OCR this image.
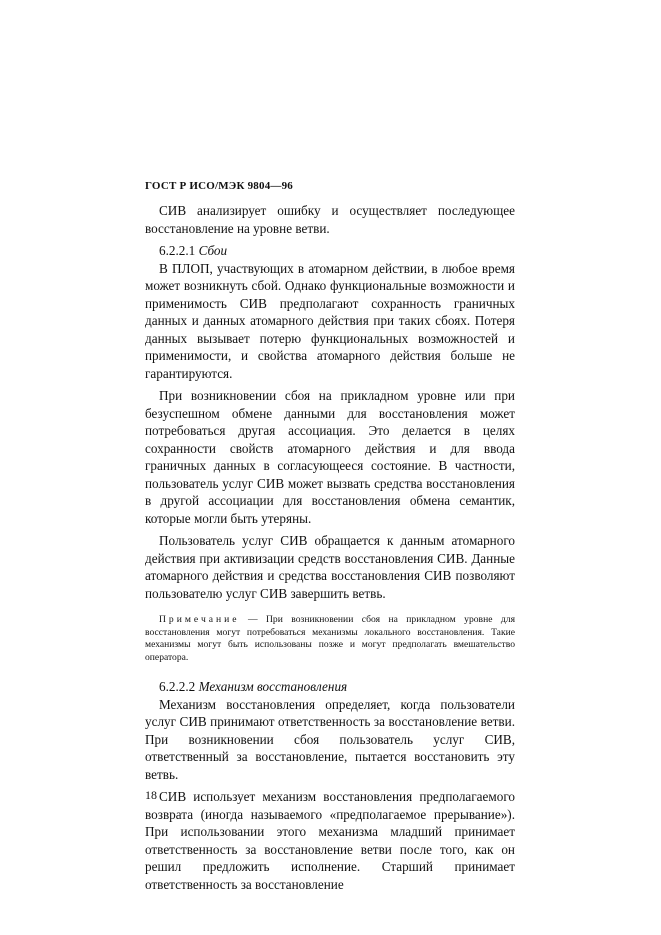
ГОСТ Р ИСО/МЭК 9804—96

СИВ анализирует ошибку и осуществляет последующее восстановление на уровне ветви.

6.2.2.1 Сбои

В ПЛОП, участвующих в атомарном действии, в любое время может возникнуть сбой. Однако функциональные возможности и применимость СИВ предполагают сохранность граничных данных и данных атомарного действия при таких сбоях. Потеря данных вызывает потерю функциональных возможностей и применимости, и свойства атомарного действия больше не гарантируются.

При возникновении сбоя на прикладном уровне или при безуспешном обмене данными для восстановления может потребоваться другая ассоциация. Это делается в целях сохранности свойств атомарного действия и для ввода граничных данных в согласующееся состояние. В частности, пользователь услуг СИВ может вызвать средства восстановления в другой ассоциации для восстановления обмена семантик, которые могли быть утеряны.

Пользователь услуг СИВ обращается к данным атомарного действия при активизации средств восстановления СИВ. Данные атомарного действия и средства восстановления СИВ позволяют пользователю услуг СИВ завершить ветвь.

Примечание — При возникновении сбоя на прикладном уровне для восстановления могут потребоваться механизмы локального восстановления. Такие механизмы могут быть использованы позже и могут предполагать вмешательство оператора.

6.2.2.2 Механизм восстановления

Механизм восстановления определяет, когда пользователи услуг СИВ принимают ответственность за восстановление ветви. При возникновении сбоя пользователь услуг СИВ, ответственный за восстановление, пытается восстановить эту ветвь.

СИВ использует механизм восстановления предполагаемого возврата (иногда называемого «предполагаемое прерывание»). При использовании этого механизма младший принимает ответственность за восстановление ветви после того, как он решил предложить исполнение. Старший принимает ответственность за восстановление

18
